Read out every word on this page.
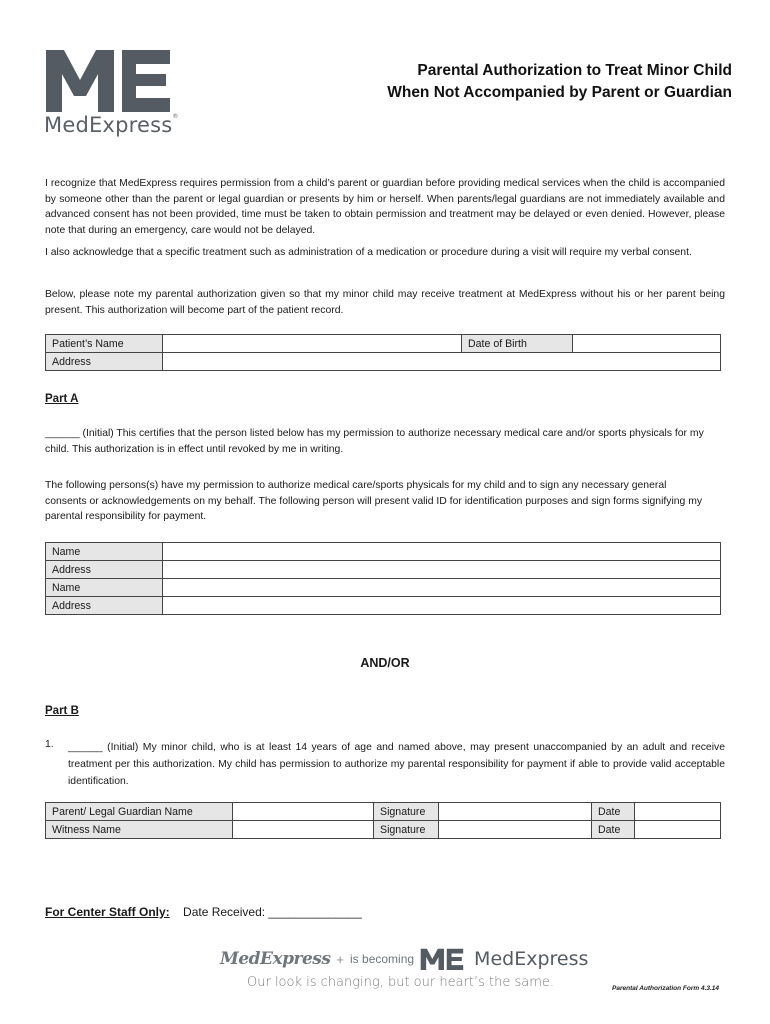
MedExpress®
Parental Authorization to Treat Minor Child
When Not Accompanied by Parent or Guardian
I recognize that MedExpress requires permission from a child’s parent or guardian before providing medical services when the child is accompanied by someone other than the parent or legal guardian or presents by him or herself. When parents/legal guardians are not immediately available and advanced consent has not been provided, time must be taken to obtain permission and treatment may be delayed or even denied. However, please note that during an emergency, care would not be delayed.
I also acknowledge that a specific treatment such as administration of a medication or procedure during a visit will require my verbal consent.
Below, please note my parental authorization given so that my minor child may receive treatment at MedExpress without his or her parent being present. This authorization will become part of the patient record.
Patient’s Name		Date of Birth	
Address			
Part A
______ (Initial) This certifies that the person listed below has my permission to authorize necessary medical care and/or sports physicals for my child. This authorization is in effect until revoked by me in writing.
The following persons(s) have my permission to authorize medical care/sports physicals for my child and to sign any necessary general consents or acknowledgements on my behalf. The following person will present valid ID for identification purposes and sign forms signifying my parental responsibility for payment.
Name	
Address	
Name	
Address	
AND/OR
Part B
1. ______ (Initial) My minor child, who is at least 14 years of age and named above, may present unaccompanied by an adult and receive treatment per this authorization. My child has permission to authorize my parental responsibility for payment if able to provide valid acceptable identification.
Parent/ Legal Guardian Name		Signature		Date	
Witness Name		Signature		Date	
For Center Staff Only: Date Received: ______________
MedExpress + is becoming	MedExpress
Our look is changing, but our heart’s the same.	Parental Authorization Form 4.3.14
